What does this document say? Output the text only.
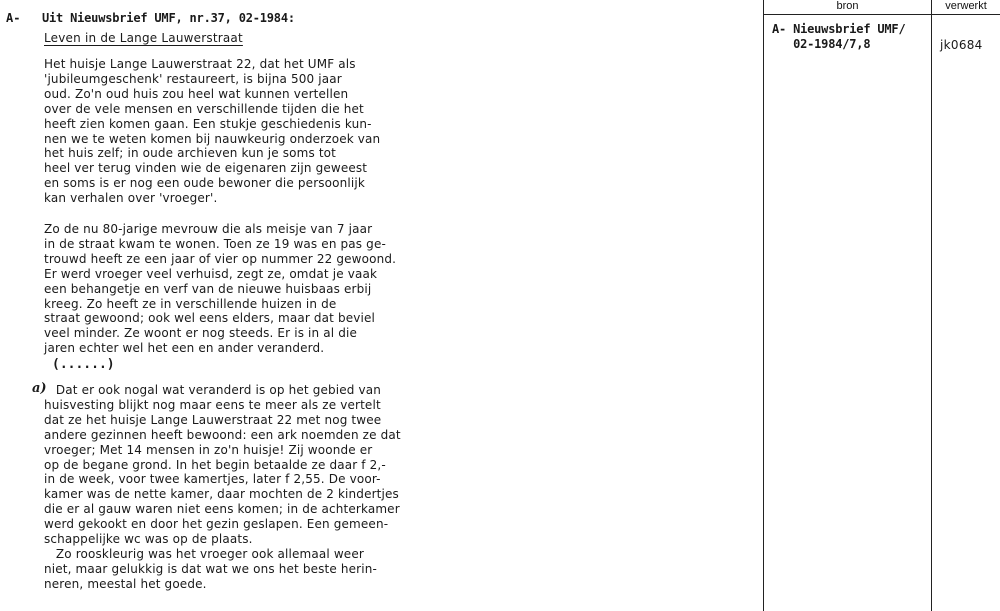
bron	verwerkt
A- Uit Nieuwsbrief UMF, nr.37, 02-1984:
Leven in de Lange Lauwerstraat
Het huisje Lange Lauwerstraat 22, dat het UMF als
'jubileumgeschenk' restaureert, is bijna 500 jaar
oud. Zo'n oud huis zou heel wat kunnen vertellen
over de vele mensen en verschillende tijden die het
heeft zien komen gaan. Een stukje geschiedenis kun-
nen we te weten komen bij nauwkeurig onderzoek van
het huis zelf; in oude archieven kun je soms tot
heel ver terug vinden wie de eigenaren zijn geweest
en soms is er nog een oude bewoner die persoonlijk
kan verhalen over 'vroeger'.
Zo de nu 80-jarige mevrouw die als meisje van 7 jaar
in de straat kwam te wonen. Toen ze 19 was en pas ge-
trouwd heeft ze een jaar of vier op nummer 22 gewoond.
Er werd vroeger veel verhuisd, zegt ze, omdat je vaak
een behangetje en verf van de nieuwe huisbaas erbij
kreeg. Zo heeft ze in verschillende huizen in de
straat gewoond; ook wel eens elders, maar dat beviel
veel minder. Ze woont er nog steeds. Er is in al die
jaren echter wel het een en ander veranderd.
(......)
a)
Dat er ook nogal wat veranderd is op het gebied van
huisvesting blijkt nog maar eens te meer als ze vertelt
dat ze het huisje Lange Lauwerstraat 22 met nog twee
andere gezinnen heeft bewoond: een ark noemden ze dat
vroeger; Met 14 mensen in zo'n huisje! Zij woonde er
op de begane grond. In het begin betaalde ze daar f 2,-
in de week, voor twee kamertjes, later f 2,55. De voor-
kamer was de nette kamer, daar mochten de 2 kindertjes
die er al gauw waren niet eens komen; in de achterkamer
werd gekookt en door het gezin geslapen. Een gemeen-
schappelijke wc was op de plaats.
Zo rooskleurig was het vroeger ook allemaal weer
niet, maar gelukkig is dat wat we ons het beste herin-
neren, meestal het goede.
A- Nieuwsbrief UMF/
02-1984/7,8	jk0684
